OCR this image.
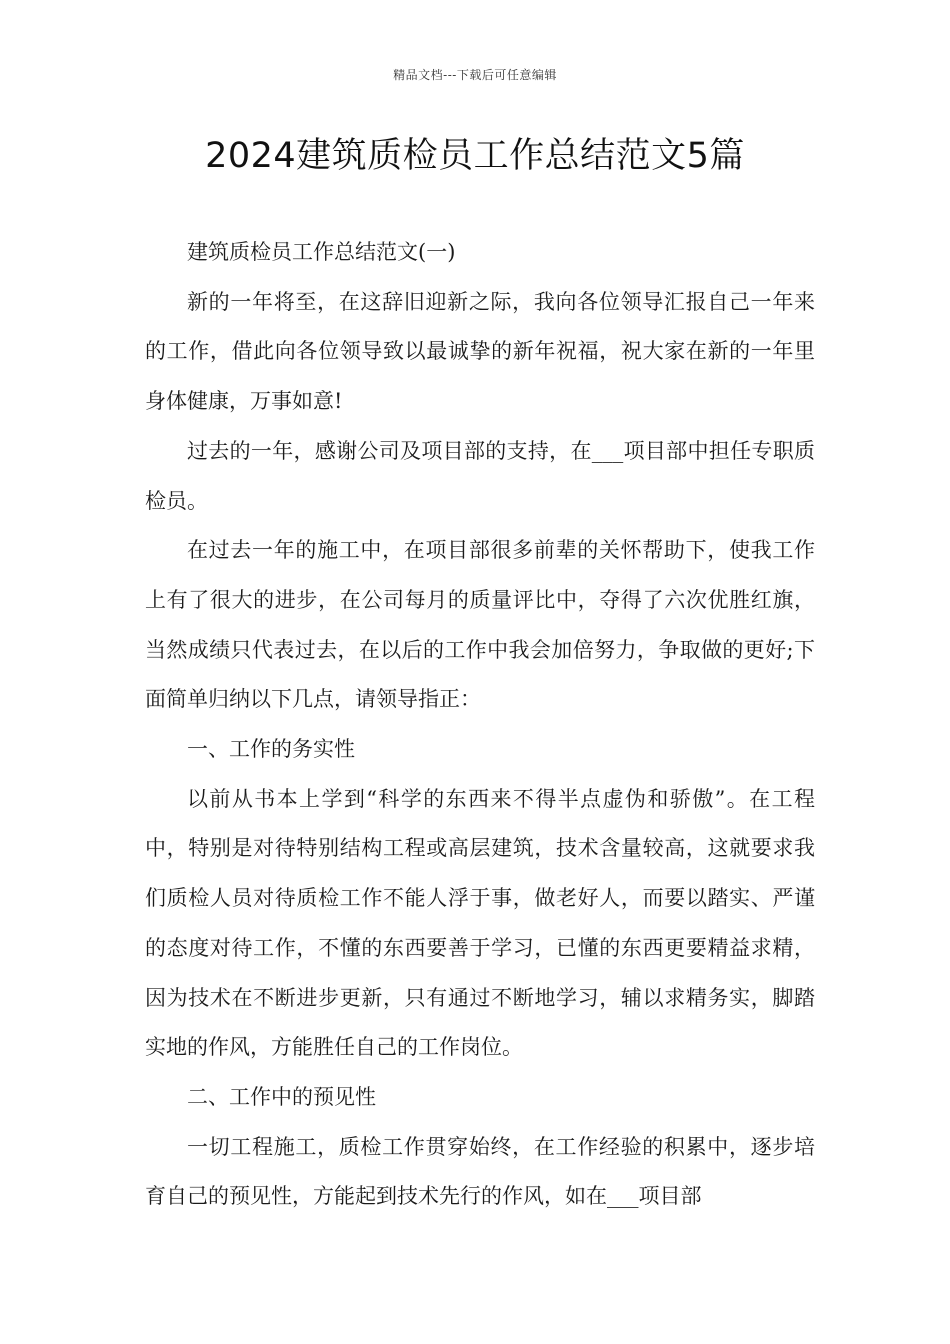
精品文档---下载后可任意编辑
2024建筑质检员工作总结范文5篇

建筑质检员工作总结范文(一)

新的一年将至，在这辞旧迎新之际，我向各位领导汇报自己一年来的工作，借此向各位领导致以最诚挚的新年祝福，祝大家在新的一年里身体健康，万事如意!

过去的一年，感谢公司及项目部的支持，在___项目部中担任专职质检员。

在过去一年的施工中，在项目部很多前辈的关怀帮助下，使我工作上有了很大的进步，在公司每月的质量评比中，夺得了六次优胜红旗，当然成绩只代表过去，在以后的工作中我会加倍努力，争取做的更好;下面简单归纳以下几点，请领导指正：

一、工作的务实性

以前从书本上学到“科学的东西来不得半点虚伪和骄傲”。在工程中，特别是对待特别结构工程或高层建筑，技术含量较高，这就要求我们质检人员对待质检工作不能人浮于事，做老好人，而要以踏实、严谨的态度对待工作，不懂的东西要善于学习，已懂的东西更要精益求精，因为技术在不断进步更新，只有通过不断地学习，辅以求精务实，脚踏实地的作风，方能胜任自己的工作岗位。

二、工作中的预见性

一切工程施工，质检工作贯穿始终，在工作经验的积累中，逐步培育自己的预见性，方能起到技术先行的作风，如在___项目部
